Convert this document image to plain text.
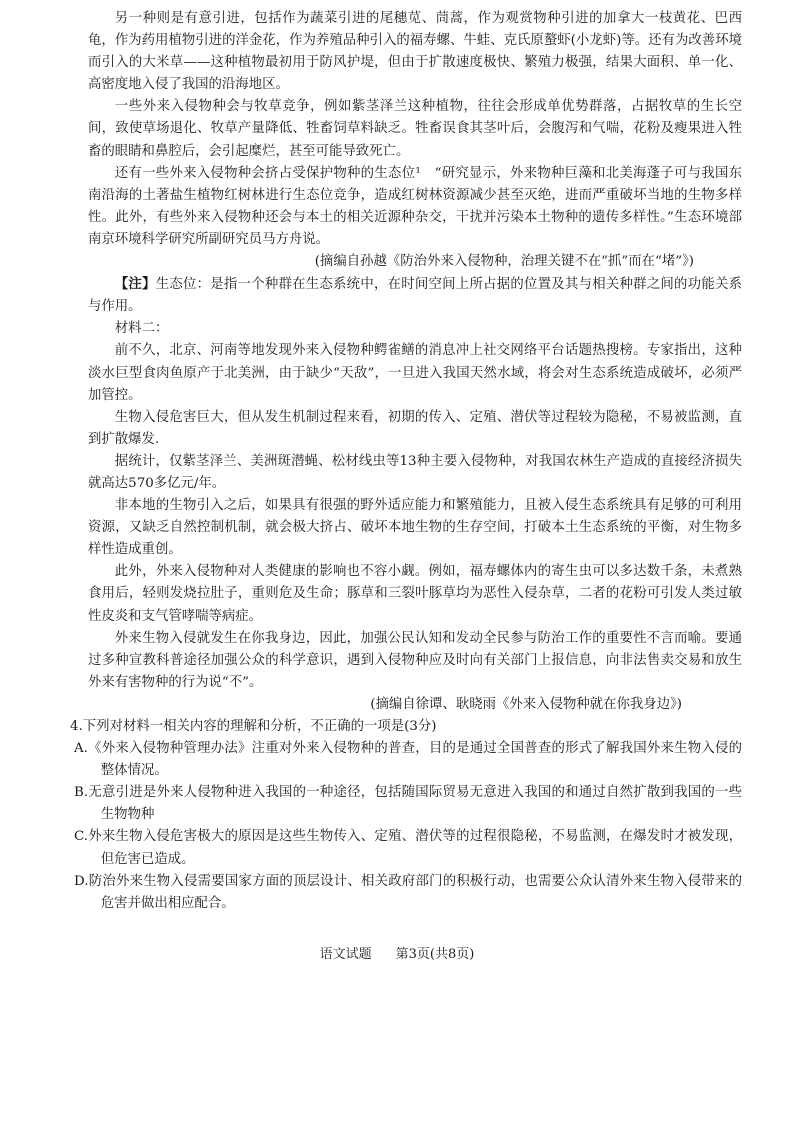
另一种则是有意引进，包括作为蔬菜引进的尾穗苋、茼蒿，作为观赏物种引进的加拿大一枝黄花、巴西龟，作为药用植物引进的洋金花，作为养殖品种引入的福寿螺、牛蛙、克氏原螯虾(小龙虾)等。还有为改善环境而引入的大米草——这种植物最初用于防风护堤，但由于扩散速度极快、繁殖力极强，结果大面积、单一化、高密度地入侵了我国的沿海地区。

一些外来入侵物种会与牧草竞争，例如紫茎泽兰这种植物，往往会形成单优势群落，占据牧草的生长空间，致使草场退化、牧草产量降低、牲畜饲草料缺乏。牲畜误食其茎叶后，会腹泻和气喘，花粉及瘦果进入牲畜的眼睛和鼻腔后，会引起糜烂，甚至可能导致死亡。

还有一些外来入侵物种会挤占受保护物种的生态位¹　“研究显示，外来物种巨藻和北美海蓬子可与我国东南沿海的土著盐生植物红树林进行生态位竞争，造成红树林资源减少甚至灭绝，进而严重破坏当地的生物多样性。此外，有些外来入侵物种还会与本土的相关近源种杂交，干扰并污染本土物种的遗传多样性。”生态环境部南京环境科学研究所副研究员马方舟说。

(摘编自孙越《防治外来入侵物种，治理关键不在“抓”而在“堵”》)

【注】生态位：是指一个种群在生态系统中，在时间空间上所占据的位置及其与相关种群之间的功能关系与作用。

材料二：

前不久，北京、河南等地发现外来入侵物种鳄雀鳝的消息冲上社交网络平台话题热搜榜。专家指出，这种淡水巨型食肉鱼原产于北美洲，由于缺少“天敌”，一旦进入我国天然水域，将会对生态系统造成破坏，必须严加管控。

生物入侵危害巨大，但从发生机制过程来看，初期的传入、定殖、潜伏等过程较为隐秘，不易被监测，直到扩散爆发.

据统计，仅紫茎泽兰、美洲斑潜蝇、松材线虫等13种主要入侵物种，对我国农林生产造成的直接经济损失就高达570多亿元/年。

非本地的生物引入之后，如果具有很强的野外适应能力和繁殖能力，且被入侵生态系统具有足够的可利用资源，又缺乏自然控制机制，就会极大挤占、破坏本地生物的生存空间，打破本土生态系统的平衡，对生物多样性造成重创。

此外，外来入侵物种对人类健康的影响也不容小觑。例如，福寿螺体内的寄生虫可以多达数千条，未煮熟食用后，轻则发烧拉肚子，重则危及生命；豚草和三裂叶豚草均为恶性入侵杂草，二者的花粉可引发人类过敏性皮炎和支气管哮喘等病症。

外来生物入侵就发生在你我身边，因此，加强公民认知和发动全民参与防治工作的重要性不言而喻。要通过多种宣教科普途径加强公众的科学意识，遇到入侵物种应及时向有关部门上报信息，向非法售卖交易和放生外来有害物种的行为说“不”。

(摘编自徐谭、耿晓雨《外来入侵物种就在你我身边》)

4.下列对材料一相关内容的理解和分析，不正确的一项是(3分)

A.《外来入侵物种管理办法》注重对外来入侵物种的普查，目的是通过全国普查的形式了解我国外来生物入侵的整体情况。

B.无意引进是外来人侵物种进入我国的一种途径，包括随国际贸易无意进入我国的和通过自然扩散到我国的一些生物物种

C.外来生物入侵危害极大的原因是这些生物传入、定殖、潜伏等的过程很隐秘，不易监测，在爆发时才被发现，但危害已造成。

D.防治外来生物入侵需要国家方面的顶层设计、相关政府部门的积极行动，也需要公众认清外来生物入侵带来的危害并做出相应配合。

语文试题 第3页(共8页)
